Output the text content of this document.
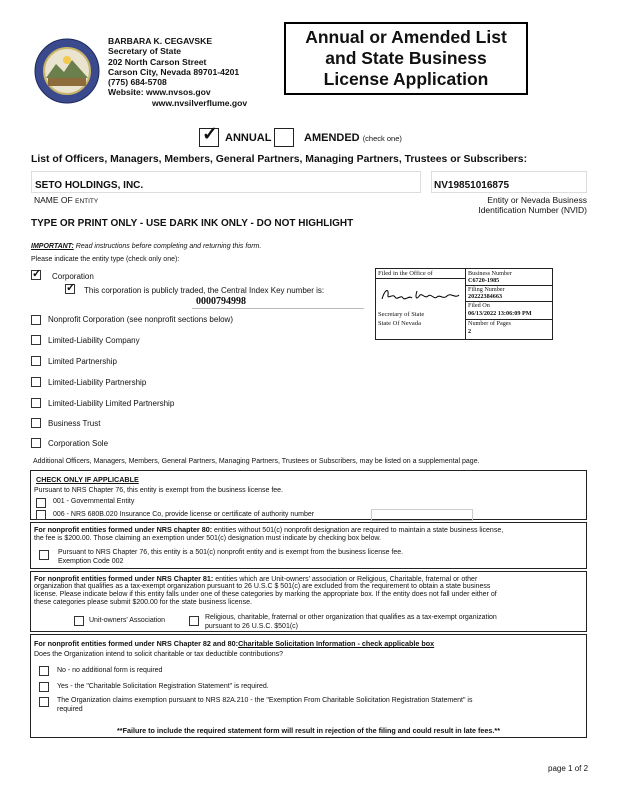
BARBARA K. CEGAVSKE
Secretary of State
202 North Carson Street
Carson City, Nevada 89701-4201
(775) 684-5708
Website: www.nvsos.gov
www.nvsilverflume.gov
Annual or Amended List
and State Business
License Application
✓ ANNUAL	AMENDED (check one)
List of Officers, Managers, Members, General Partners, Managing Partners, Trustees or Subscribers:
SETO HOLDINGS, INC.
NAME OF ENTITY
NV19851016875
Entity or Nevada Business
Identification Number (NVID)
TYPE OR PRINT ONLY - USE DARK INK ONLY - DO NOT HIGHLIGHT
IMPORTANT: Read instructions before completing and returning this form.
Please indicate the entity type (check only one):
✓
Corporation
✓
This corporation is publicly traded, the Central Index Key number is:
0000794998
Nonprofit Corporation (see nonprofit sections below)
Limited-Liability Company
Limited Partnership
Limited-Liability Partnership
Limited-Liability Limited Partnership
Business Trust
Corporation Sole
Filed in the Office of
Secretary of State
State Of Nevada
Business Number
C6720-1985
Filing Number
20222384663
Filed On
06/13/2022 13:06:09 PM
Number of Pages
2
Additional Officers, Managers, Members, General Partners, Managing Partners, Trustees or Subscribers, may be listed on a supplemental page.
CHECK ONLY IF APPLICABLE
Pursuant to NRS Chapter 76, this entity is exempt from the business license fee.
001 - Governmental Entity
006 - NRS 680B.020 Insurance Co, provide license or certificate of authority number
For nonprofit entities formed under NRS chapter 80: entities without 501(c) nonprofit designation are required to maintain a state business license,
the fee is $200.00. Those claiming an exemption under 501(c) designation must indicate by checking box below.
Pursuant to NRS Chapter 76, this entity is a 501(c) nonprofit entity and is exempt from the business license fee.
Exemption Code 002
For nonprofit entities formed under NRS Chapter 81: entities which are Unit-owners' association or Religious, Charitable, fraternal or other
organization that qualifies as a tax-exempt organization pursuant to 26 U.S.C $ 501(c) are excluded from the requirement to obtain a state business
license. Please indicate below if this entity falls under one of these categories by marking the appropriate box. If the entity does not fall under either of
these categories please submit $200.00 for the state business license.
Unit-owners' Association	Religious, charitable, fraternal or other organization that qualifies as a tax-exempt organization
pursuant to 26 U.S.C. $501(c)
For nonprofit entities formed under NRS Chapter 82 and 80:Charitable Solicitation Information - check applicable box
Does the Organization intend to solicit charitable or tax deductible contributions?
No - no additional form is required
Yes - the "Charitable Solicitation Registration Statement" is required.
The Organization claims exemption pursuant to NRS 82A.210 - the "Exemption From Charitable Solicitation Registration Statement" is
required
**Failure to include the required statement form will result in rejection of the filing and could result in late fees.**
page 1 of 2
